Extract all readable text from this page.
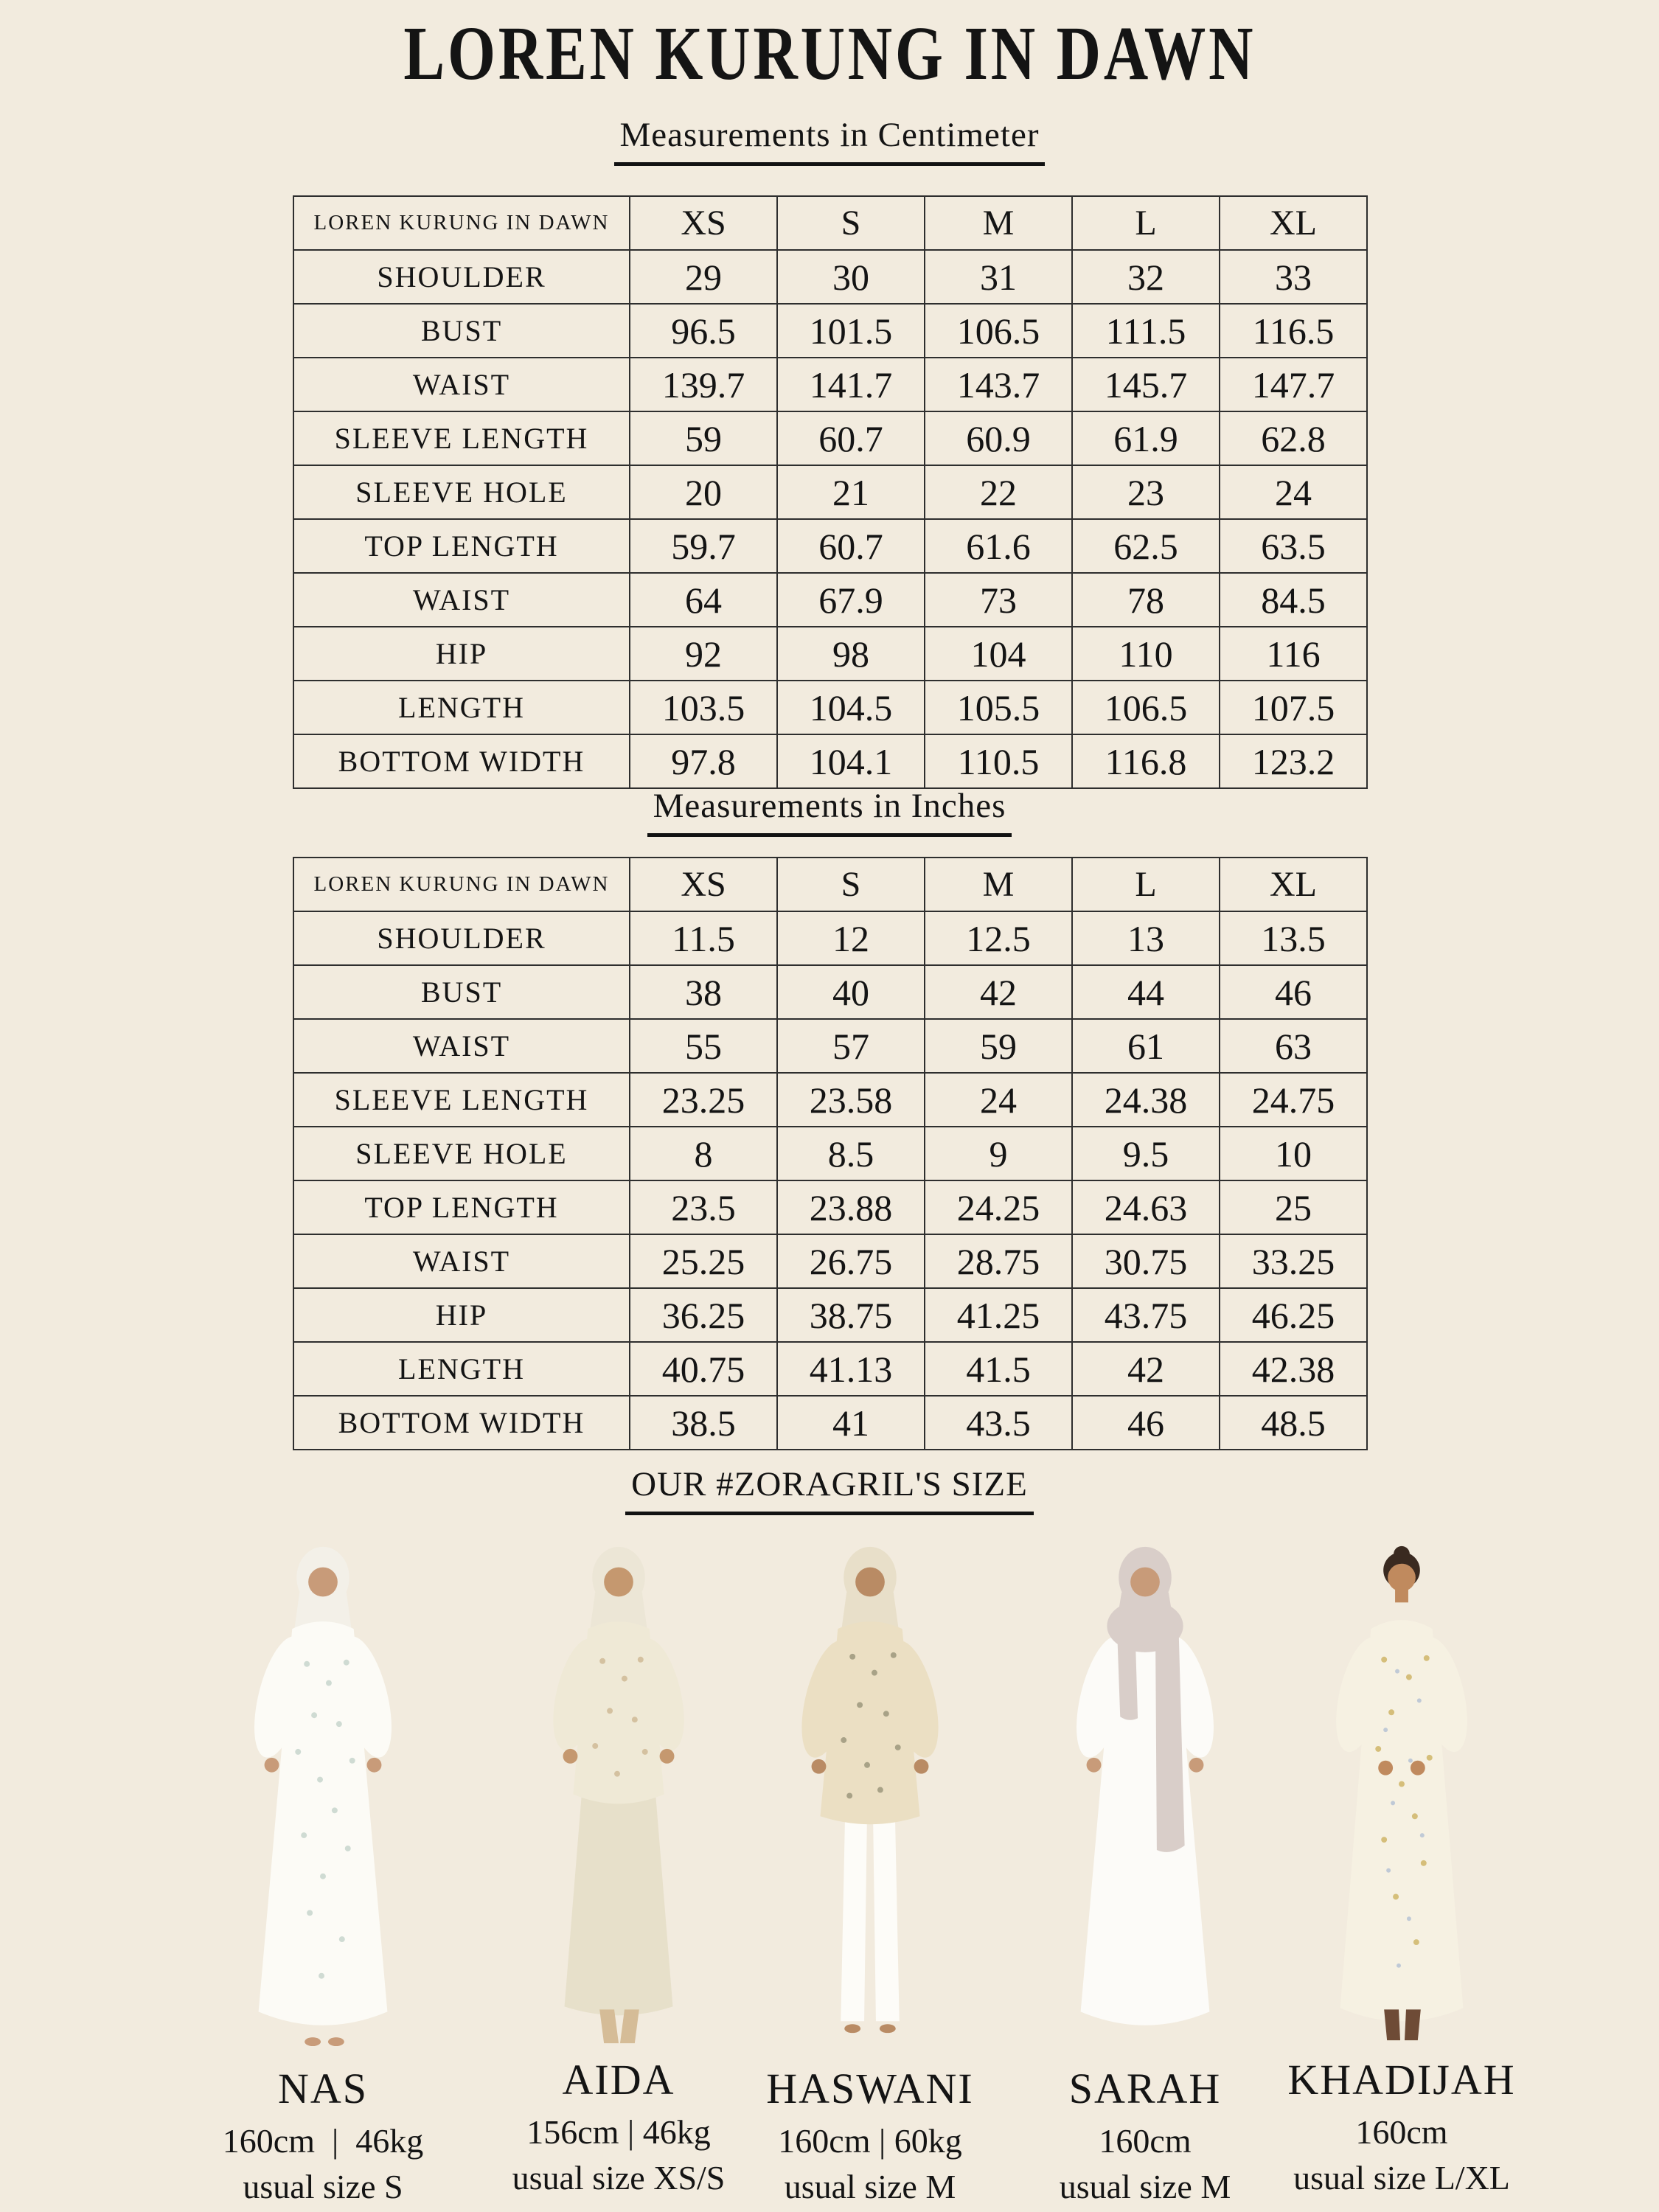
LOREN KURUNG IN DAWN
Measurements in Centimeter
LOREN KURUNG IN DAWN	XS	S	M	L	XL
SHOULDER	29	30	31	32	33
BUST	96.5	101.5	106.5	111.5	116.5
WAIST	139.7	141.7	143.7	145.7	147.7
SLEEVE LENGTH	59	60.7	60.9	61.9	62.8
SLEEVE HOLE	20	21	22	23	24
TOP LENGTH	59.7	60.7	61.6	62.5	63.5
WAIST	64	67.9	73	78	84.5
HIP	92	98	104	110	116
LENGTH	103.5	104.5	105.5	106.5	107.5
BOTTOM WIDTH	97.8	104.1	110.5	116.8	123.2
Measurements in Inches
LOREN KURUNG IN DAWN	XS	S	M	L	XL
SHOULDER	11.5	12	12.5	13	13.5
BUST	38	40	42	44	46
WAIST	55	57	59	61	63
SLEEVE LENGTH	23.25	23.58	24	24.38	24.75
SLEEVE HOLE	8	8.5	9	9.5	10
TOP LENGTH	23.5	23.88	24.25	24.63	25
WAIST	25.25	26.75	28.75	30.75	33.25
HIP	36.25	38.75	41.25	43.75	46.25
LENGTH	40.75	41.13	41.5	42	42.38
BOTTOM WIDTH	38.5	41	43.5	46	48.5
OUR #ZORAGRIL'S SIZE
NAS
160cm  |  46kg
usual size S
AIDA
156cm | 46kg
usual size XS/S
HASWANI
160cm | 60kg
usual size M
SARAH
160cm
usual size M
KHADIJAH
160cm
usual size L/XL
